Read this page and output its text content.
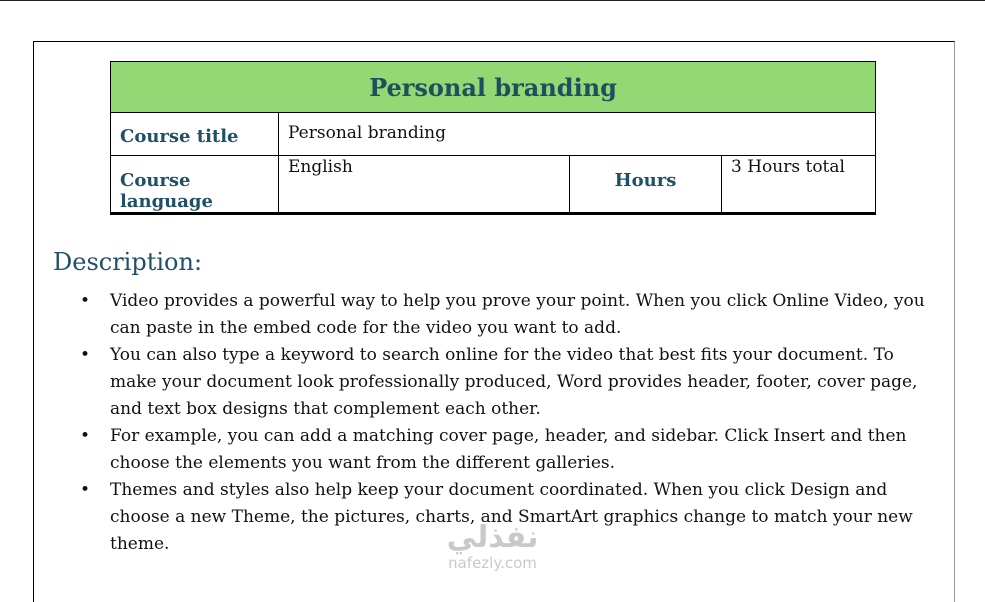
Personal branding			

Course title	Personal branding		

Course language	English	Hours	3 Hours total
Description:
• Video provides a powerful way to help you prove your point. When you click Online Video, you can paste in the embed code for the video you want to add.
• You can also type a keyword to search online for the video that best fits your document. To make your document look professionally produced, Word provides header, footer, cover page, and text box designs that complement each other.
• For example, you can add a matching cover page, header, and sidebar. Click Insert and then choose the elements you want from the different galleries.
• Themes and styles also help keep your document coordinated. When you click Design and choose a new Theme, the pictures, charts, and SmartArt graphics change to match your new theme.	نفذلي
nafezly.com
